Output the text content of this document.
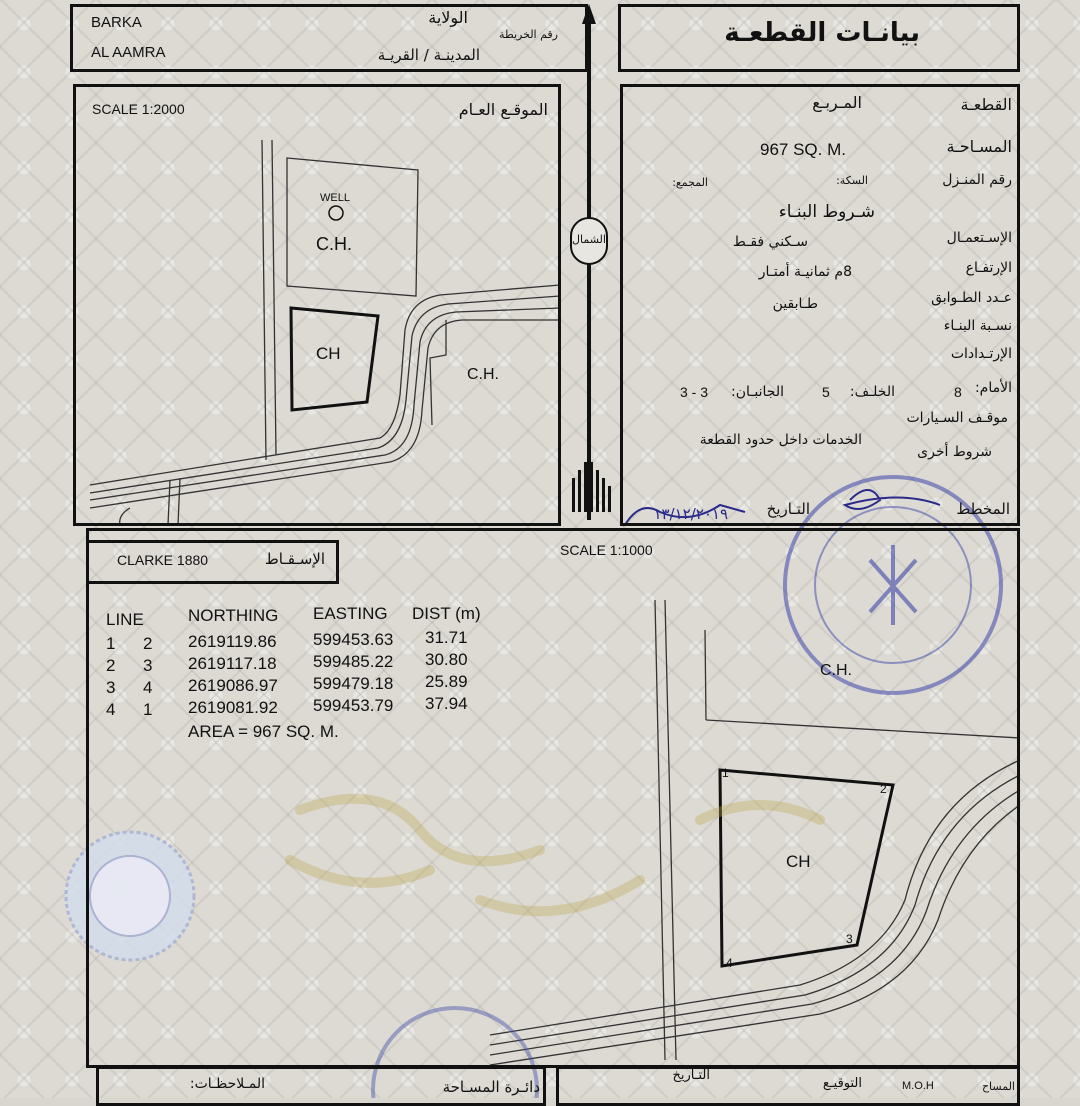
BARKA	الولاية
رقم الخريطة
AL AAMRA	المدينـة / القريـة
بيانـات القطعـة
SCALE 1:2000	الموقـع العـام
WELL
C.H.
CH
C.H.
الشمال
القطعـة
المـربـع
المسـاحـة
967 SQ. M.
رقم المنـزل
السكة:
المجمع:
شـروط البنـاء
الإسـتعمـال
سـكني فقـط
الإرتفـاع
8م ثمانيـة أمتـار
عـدد الطـوابق
طـابقين
نسـبة البنـاء
الإرتـدادات
الأمام:
8
الخلـف:
5
الجانبـان:
3 - 3
موقـف السـيارات
الخدمات داخل حدود القطعة
شروط أخرى
المخطط
التـاريخ
١٣/١٢/٢٠١٩
CLARKE 1880	الإسـقـاط	SCALE 1:1000
LINE	NORTHING EASTING DIST (m)
1 2 2619119.86 599453.63 31.71
2 3 2619117.18 599485.22 30.80
3 4 2619086.97 599479.18 25.89
4 1 2619081.92 599453.79 37.94
AREA = 967 SQ. M.
C.H.
CH
1
2
3
4
المساح
M.O.H
التوقيـع
التـاريخ
دائـرة المسـاحة
المـلاحظـات:
